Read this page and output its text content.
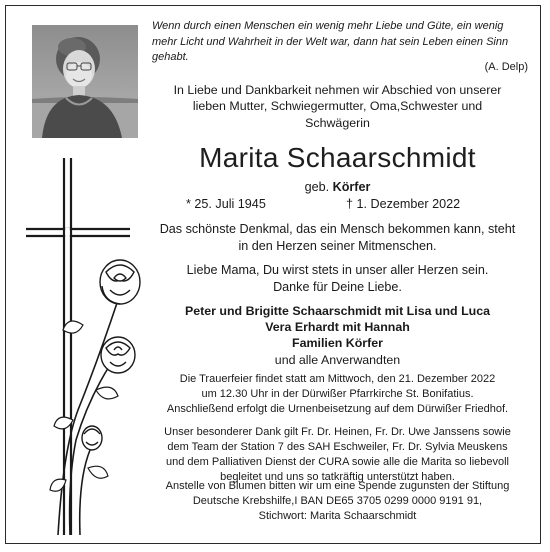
Wenn durch einen Menschen ein wenig mehr Liebe und Güte, ein wenig
mehr Licht und Wahrheit in der Welt war, dann hat sein Leben einen Sinn
gehabt.
(A. Delp)
In Liebe und Dankbarkeit nehmen wir Abschied von unserer
lieben Mutter, Schwiegermutter, Oma,Schwester und
Schwägerin
Marita Schaarschmidt
geb. Körfer
* 25. Juli 1945	† 1. Dezember 2022
Das schönste Denkmal, das ein Mensch bekommen kann, steht
in den Herzen seiner Mitmenschen.
Liebe Mama, Du wirst stets in unser aller Herzen sein.
Danke für Deine Liebe.
Peter und Brigitte Schaarschmidt mit Lisa und Luca
Vera Erhardt mit Hannah
Familien Körfer
und alle Anverwandten
Die Trauerfeier findet statt am Mittwoch, den 21. Dezember 2022
um 12.30 Uhr in der Dürwißer Pfarrkirche St. Bonifatius.
Anschließend erfolgt die Urnenbeisetzung auf dem Dürwißer Friedhof.
Unser besonderer Dank gilt Fr. Dr. Heinen, Fr. Dr. Uwe Janssens sowie
dem Team der Station 7 des SAH Eschweiler, Fr. Dr. Sylvia Meuskens
und dem Palliativen Dienst der CURA sowie alle die Marita so liebevoll
begleitet und uns so tatkräftig unterstützt haben.
Anstelle von Blumen bitten wir um eine Spende zugunsten der Stiftung
Deutsche Krebshilfe,I BAN DE65 3705 0299 0000 9191 91,
Stichwort: Marita Schaarschmidt
